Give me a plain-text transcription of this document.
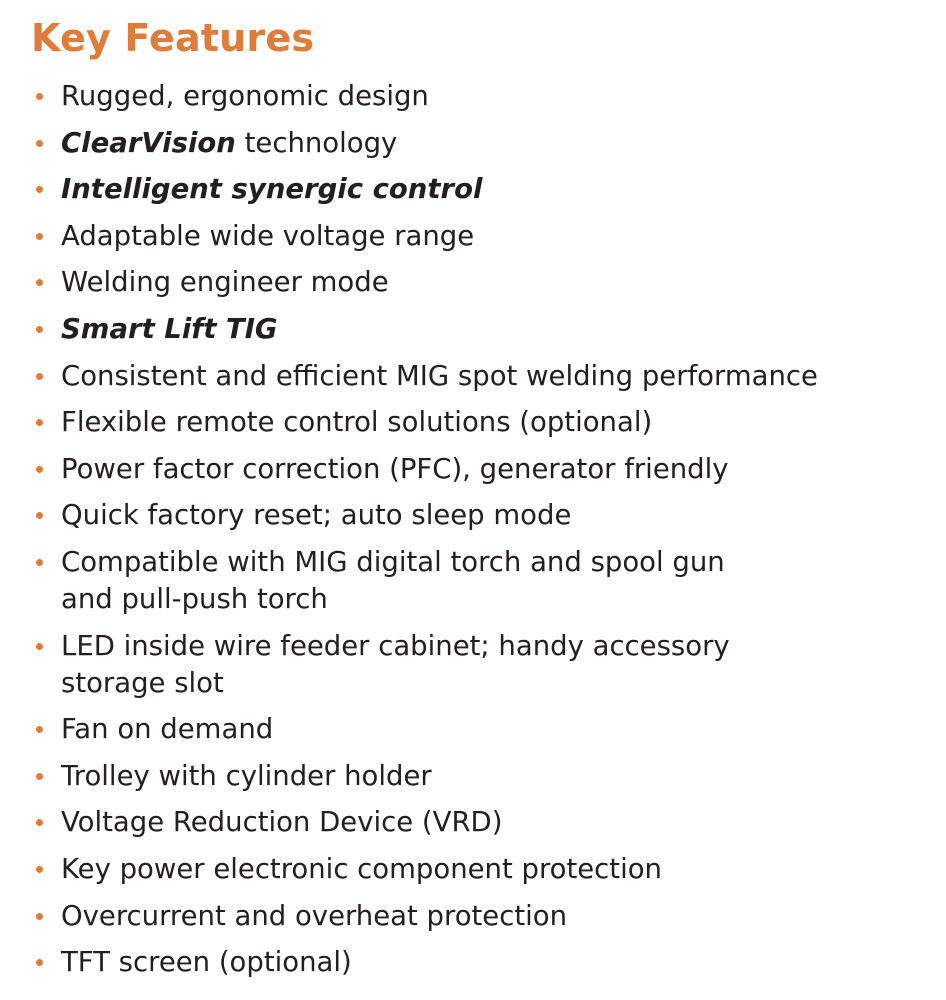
Key Features
Rugged, ergonomic design
ClearVision technology
Intelligent synergic control
Adaptable wide voltage range
Welding engineer mode
Smart Lift TIG
Consistent and efficient MIG spot welding performance
Flexible remote control solutions (optional)
Power factor correction (PFC), generator friendly
Quick factory reset; auto sleep mode
Compatible with MIG digital torch and spool gun
and pull-push torch
LED inside wire feeder cabinet; handy accessory
storage slot
Fan on demand
Trolley with cylinder holder
Voltage Reduction Device (VRD)
Key power electronic component protection
Overcurrent and overheat protection
TFT screen (optional)
